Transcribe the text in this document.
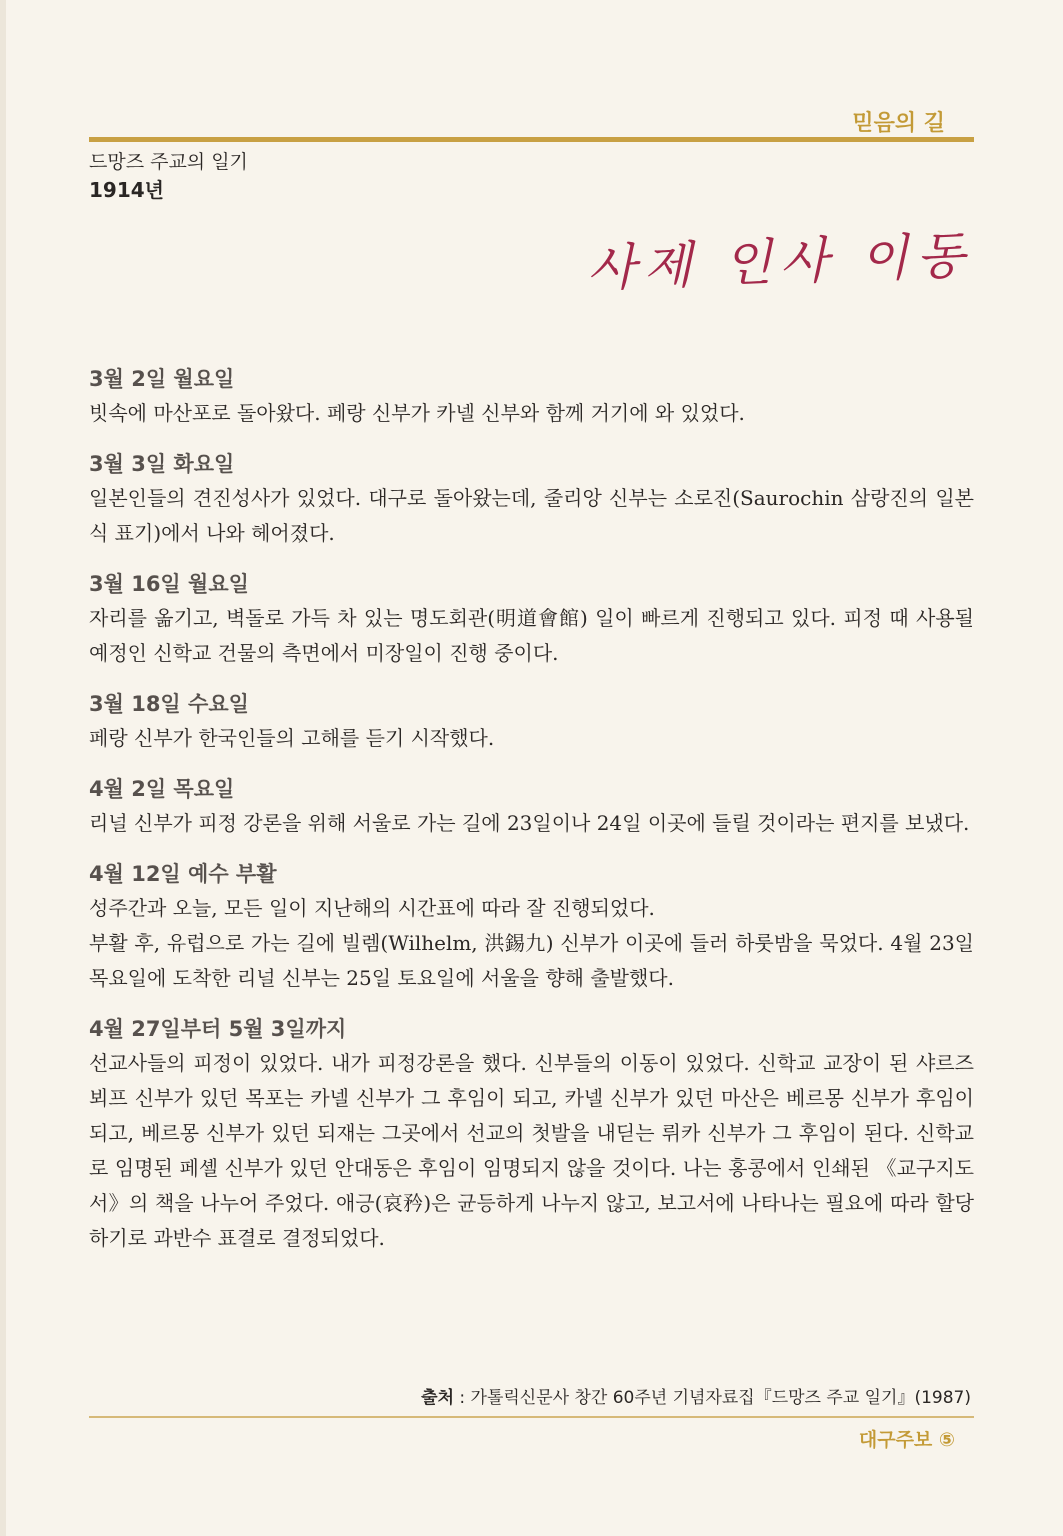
믿음의 길
드망즈 주교의 일기
1914년
사제 인사 이동
3월 2일 월요일

빗속에 마산포로 돌아왔다. 페랑 신부가 카넬 신부와 함께 거기에 와 있었다.

3월 3일 화요일

일본인들의 견진성사가 있었다. 대구로 돌아왔는데, 줄리앙 신부는 소로진(Saurochin 삼랑진의 일본식 표기)에서 나와 헤어졌다.

3월 16일 월요일

자리를 옮기고, 벽돌로 가득 차 있는 명도회관(明道會館) 일이 빠르게 진행되고 있다. 피정 때 사용될 예정인 신학교 건물의 측면에서 미장일이 진행 중이다.

3월 18일 수요일

페랑 신부가 한국인들의 고해를 듣기 시작했다.

4월 2일 목요일

리널 신부가 피정 강론을 위해 서울로 가는 길에 23일이나 24일 이곳에 들릴 것이라는 편지를 보냈다.

4월 12일 예수 부활

성주간과 오늘, 모든 일이 지난해의 시간표에 따라 잘 진행되었다.

부활 후, 유럽으로 가는 길에 빌렘(Wilhelm, 洪錫九) 신부가 이곳에 들러 하룻밤을 묵었다. 4월 23일 목요일에 도착한 리널 신부는 25일 토요일에 서울을 향해 출발했다.

4월 27일부터 5월 3일까지

선교사들의 피정이 있었다. 내가 피정강론을 했다. 신부들의 이동이 있었다. 신학교 교장이 된 샤르즈뵈프 신부가 있던 목포는 카넬 신부가 그 후임이 되고, 카넬 신부가 있던 마산은 베르몽 신부가 후임이 되고, 베르몽 신부가 있던 되재는 그곳에서 선교의 첫발을 내딛는 뤼카 신부가 그 후임이 된다. 신학교로 임명된 페셸 신부가 있던 안대동은 후임이 임명되지 않을 것이다. 나는 홍콩에서 인쇄된 《교구지도서》의 책을 나누어 주었다. 애긍(哀矜)은 균등하게 나누지 않고, 보고서에 나타나는 필요에 따라 할당하기로 과반수 표결로 결정되었다.

출처 : 가톨릭신문사 창간 60주년 기념자료집『드망즈 주교 일기』(1987)
대구주보 ⑤
